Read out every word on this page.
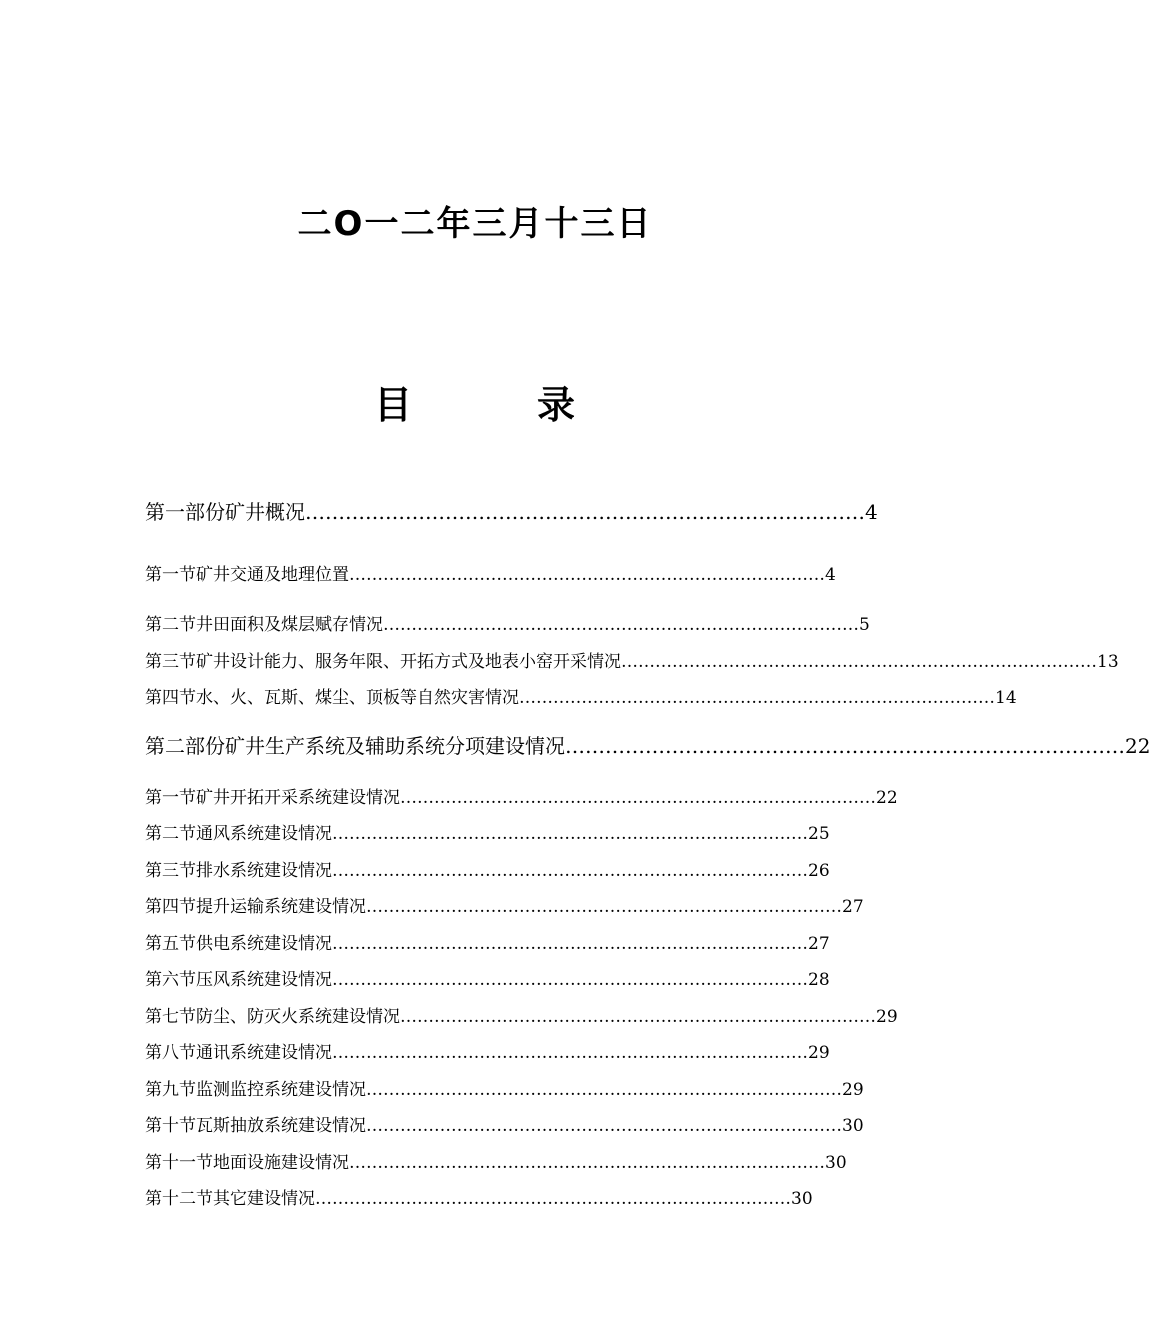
二O一二年三月十三日
目	录
第一部份 矿井概况 ………………………………………………………………………… 4
第一节 矿井交通及地理位置 ………………………………………………………………………… 4
第二节 井田面积及煤层赋存情况 ………………………………………………………………………… 5
第三节 矿井设计能力、服务年限、开拓方式及地表小窑开采情况 ………………………………………………………………………… 13
第四节 水、火、瓦斯、煤尘、顶板等自然灾害情况 ………………………………………………………………………… 14
第二部份 矿井生产系统及辅助系统分项建设情况 ………………………………………………………………………… 22
第一节 矿井开拓开采系统建设情况 ………………………………………………………………………… 22
第二节 通风系统建设情况 ………………………………………………………………………… 25
第三节 排水系统建设情况 ………………………………………………………………………… 26
第四节 提升运输系统建设情况 ………………………………………………………………………… 27
第五节 供电系统建设情况 ………………………………………………………………………… 27
第六节 压风系统建设情况 ………………………………………………………………………… 28
第七节 防尘、防灭火系统建设情况 ………………………………………………………………………… 29
第八节 通讯系统建设情况 ………………………………………………………………………… 29
第九节 监测监控系统建设情况 ………………………………………………………………………… 29
第十节 瓦斯抽放系统建设情况 ………………………………………………………………………… 30
第十一节 地面设施建设情况 ………………………………………………………………………… 30
第十二节 其它建设情况 ………………………………………………………………………… 30
